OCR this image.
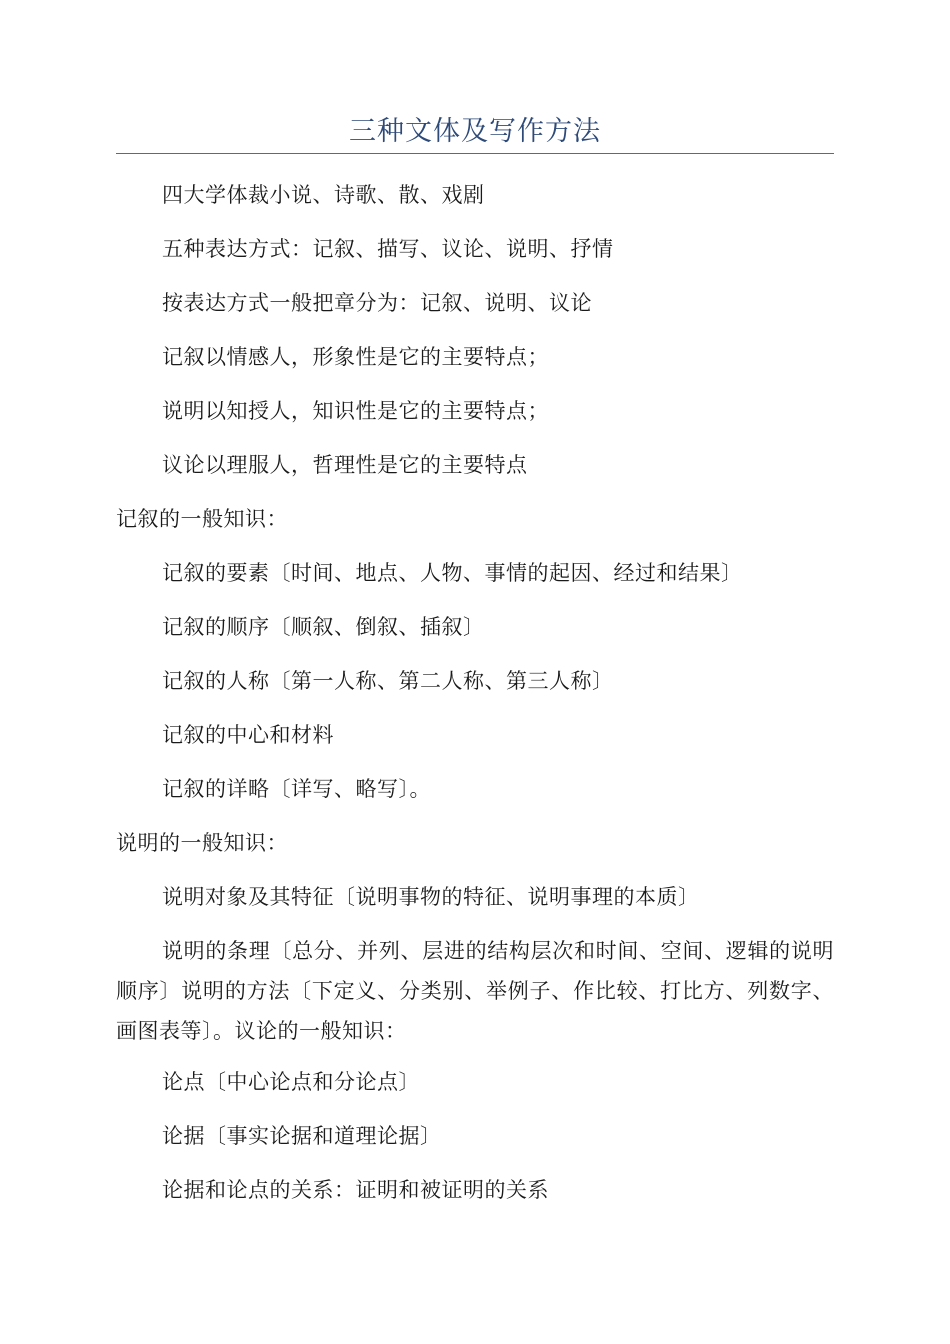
三种文体及写作方法
四大学体裁小说、诗歌、散、戏剧
五种表达方式：记叙、描写、议论、说明、抒情
按表达方式一般把章分为：记叙、说明、议论
记叙以情感人，形象性是它的主要特点；
说明以知授人，知识性是它的主要特点；
议论以理服人，哲理性是它的主要特点
记叙的一般知识：
记叙的要素〔时间、地点、人物、事情的起因、经过和结果〕
记叙的顺序〔顺叙、倒叙、插叙〕
记叙的人称〔第一人称、第二人称、第三人称〕
记叙的中心和材料
记叙的详略〔详写、略写〕。
说明的一般知识：
说明对象及其特征〔说明事物的特征、说明事理的本质〕
说明的条理〔总分、并列、层进的结构层次和时间、空间、逻辑的说明顺序〕说明的方法〔下定义、分类别、举例子、作比较、打比方、列数字、画图表等〕。议论的一般知识：
论点〔中心论点和分论点〕
论据〔事实论据和道理论据〕
论据和论点的关系：证明和被证明的关系
